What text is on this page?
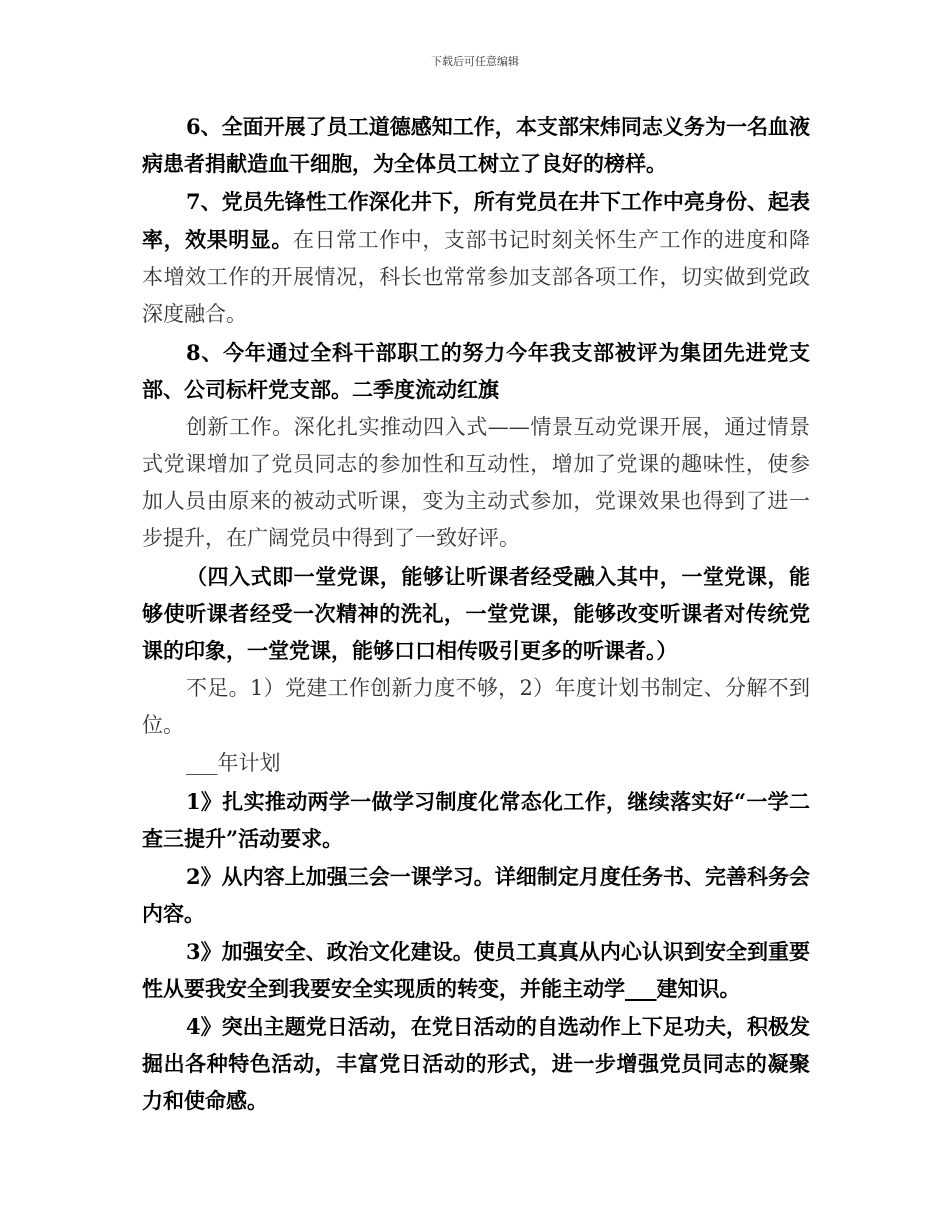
下载后可任意编辑

6、全面开展了员工道德感知工作，本支部宋炜同志义务为一名血液病患者捐献造血干细胞，为全体员工树立了良好的榜样。

7、党员先锋性工作深化井下，所有党员在井下工作中亮身份、起表率，效果明显。在日常工作中，支部书记时刻关怀生产工作的进度和降本增效工作的开展情况，科长也常常参加支部各项工作，切实做到党政深度融合。

8、今年通过全科干部职工的努力今年我支部被评为集团先进党支部、公司标杆党支部。二季度流动红旗

创新工作。深化扎实推动四入式——情景互动党课开展，通过情景式党课增加了党员同志的参加性和互动性，增加了党课的趣味性，使参加人员由原来的被动式听课，变为主动式参加，党课效果也得到了进一步提升，在广阔党员中得到了一致好评。

（四入式即一堂党课，能够让听课者经受融入其中，一堂党课，能够使听课者经受一次精神的洗礼，一堂党课，能够改变听课者对传统党课的印象，一堂党课，能够口口相传吸引更多的听课者。）

不足。1）党建工作创新力度不够，2）年度计划书制定、分解不到位。

___年计划

1》扎实推动两学一做学习制度化常态化工作，继续落实好“一学二查三提升”活动要求。

2》从内容上加强三会一课学习。详细制定月度任务书、完善科务会内容。

3》加强安全、政治文化建设。使员工真真从内心认识到安全到重要性从要我安全到我要安全实现质的转变，并能主动学___建知识。

4》突出主题党日活动，在党日活动的自选动作上下足功夫，积极发掘出各种特色活动，丰富党日活动的形式，进一步增强党员同志的凝聚力和使命感。
